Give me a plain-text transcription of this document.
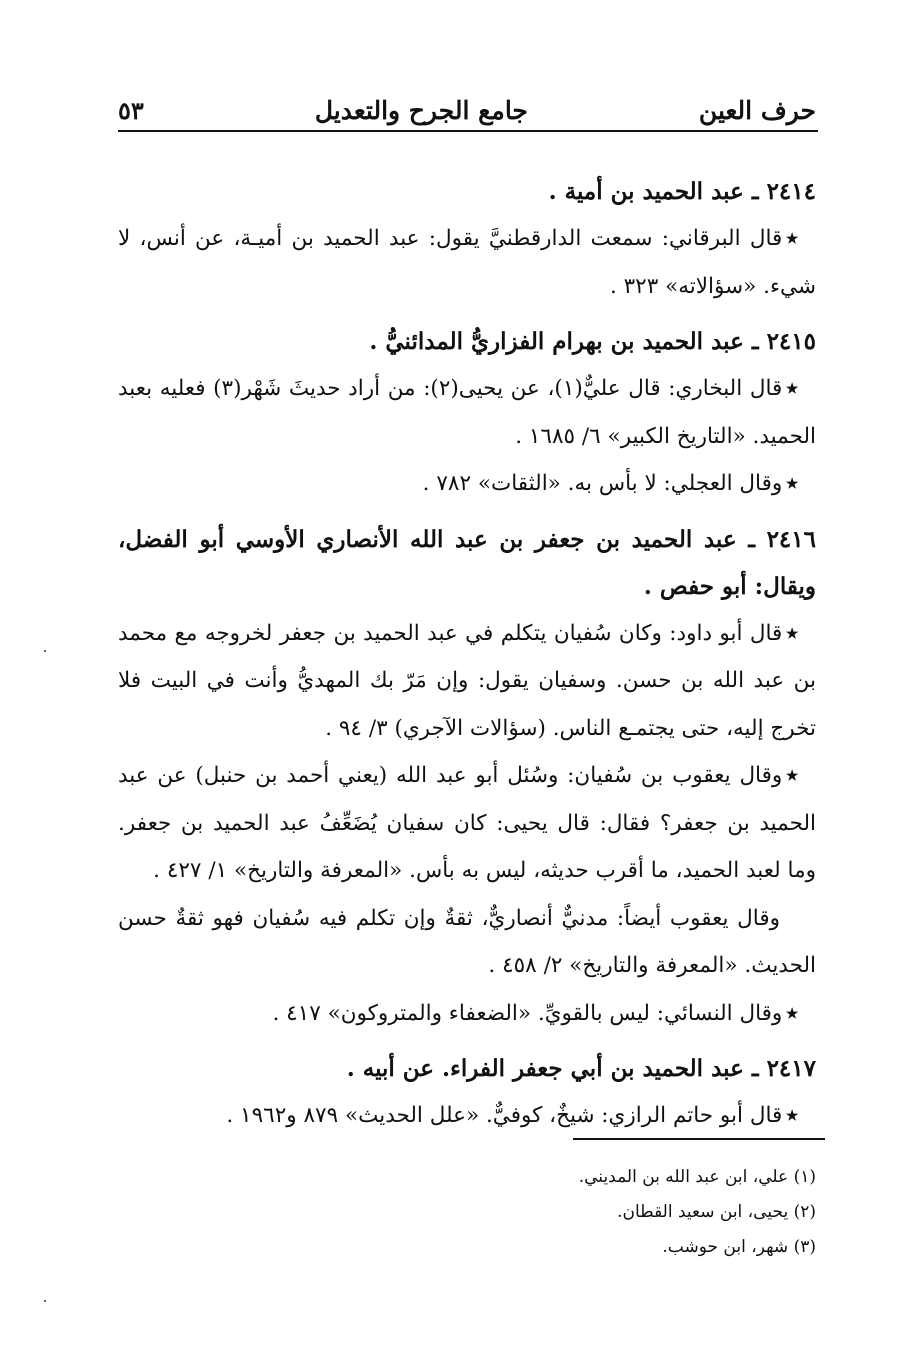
حرف العين
جامع الجرح والتعديل
٥٣

٢٤١٤ ـ عبد الحميد بن أمية .

٭قال البرقاني: سمعت الدارقطنيَّ يقول: عبد الحميد بن أميـة، عن أنس، لا شيء. «سؤالاته» ٣٢٣ .

٢٤١٥ ـ عبد الحميد بن بهرام الفزاريُّ المدائنيُّ .

٭قال البخاري: قال عليٌّ(١)، عن يحيى(٢): من أراد حديثَ شَهْر(٣) فعليه بعبد الحميد. «التاريخ الكبير» ٦/ ١٦٨٥ .

٭وقال العجلي: لا بأس به. «الثقات» ٧٨٢ .

٢٤١٦ ـ عبد الحميد بن جعفر بن عبد الله الأنصاري الأوسي أبو الفضل، ويقال: أبو حفص .

٭قال أبو داود: وكان سُفيان يتكلم في عبد الحميد بن جعفر لخروجه مع محمد بن عبد الله بن حسن. وسفيان يقول: وإن مَرّ بك المهديُّ وأنت في البيت فلا تخرج إليه، حتى يجتمـع الناس. (سؤالات الآجري) ٣/ ٩٤ .

٭وقال يعقوب بن سُفيان: وسُئل أبو عبد الله (يعني أحمد بن حنبل) عن عبد الحميد بن جعفر؟ فقال: قال يحيى: كان سفيان يُضَعِّفُ عبد الحميد بن جعفر. وما لعبد الحميد، ما أقرب حديثه، ليس به بأس. «المعرفة والتاريخ» ١/ ٤٢٧ .

وقال يعقوب أيضاً: مدنيٌّ أنصاريٌّ، ثقةٌ وإن تكلم فيه سُفيان فهو ثقةٌ حسن الحديث. «المعرفة والتاريخ» ٢/ ٤٥٨ .

٭وقال النسائي: ليس بالقويِّ. «الضعفاء والمتروكون» ٤١٧ .

٢٤١٧ ـ عبد الحميد بن أبي جعفر الفراء. عن أبيه .

٭قال أبو حاتم الرازي: شيخٌ، كوفيٌّ. «علل الحديث» ٨٧٩ و١٩٦٢ .

(١) علي، ابن عبد الله بن المديني.

(٢) يحيى، ابن سعيد القطان.

(٣) شهر، ابن حوشب.
